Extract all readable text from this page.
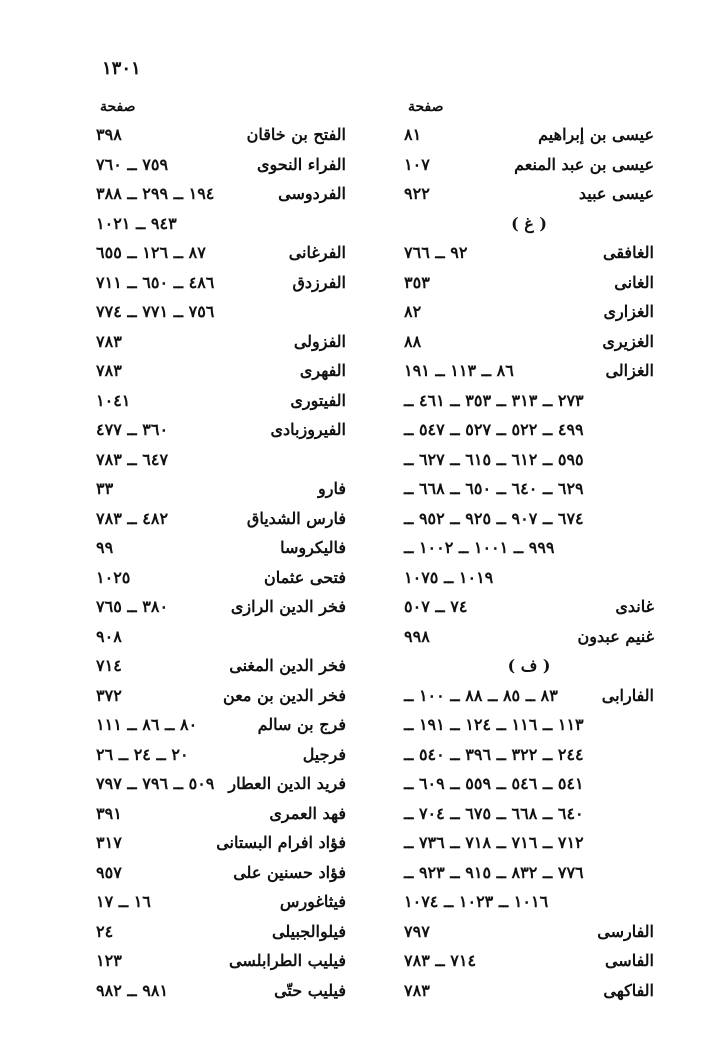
١٣٠١
صفحة
الفتح بن خاقان
٣٩٨
الفراء النحوى
٧٥٩ ــ ٧٦٠
الفردوسى
١٩٤ ــ ٢٩٩ ــ ٣٨٨
٩٤٣ ــ ١٠٢١
الفرغانى
٨٧ ــ ١٢٦ ــ ٦٥٥
الفرزدق
٤٨٦ ــ ٦٥٠ ــ ٧١١
٧٥٦ ــ ٧٧١ ــ ٧٧٤
الفزولى
٧٨٣
الفهرى
٧٨٣
الفيتورى
١٠٤١
الفيروزبادى
٣٦٠ ــ ٤٧٧
٦٤٧ ــ ٧٨٣
فارو
٣٣
فارس الشدياق
٤٨٢ ــ ٧٨٣
فاليكروسا
٩٩
فتحى عثمان
١٠٢٥
فخر الدين الرازى
٣٨٠ ــ ٧٦٥
٩٠٨
فخر الدين المغنى
٧١٤
فخر الدين بن معن
٣٧٢
فرج بن سالم
٨٠ ــ ٨٦ ــ ١١١
فرجيل
٢٠ ــ ٢٤ ــ ٢٦
فريد الدين العطار
٥٠٩ ــ ٧٩٦ ــ ٧٩٧
فهد العمرى
٣٩١
فؤاد افرام البستانى
٣١٧
فؤاد حسنين على
٩٥٧
فيثاغورس
١٦ ــ ١٧
فيلوالجبيلى
٢٤
فيليب الطرابلسى
١٢٣
فيليب حتّى
٩٨١ ــ ٩٨٢
صفحة
عيسى بن إبراهيم
٨١
عيسى بن عبد المنعم
١٠٧
عيسى عبيد
٩٢٢
( غ )
الغافقى
٩٢ ــ ٧٦٦
الغانى
٣٥٣
الغزارى
٨٢
الغزيرى
٨٨
الغزالى
٨٦ ــ ١١٣ ــ ١٩١
٢٧٣ ــ ٣١٣ ــ ٣٥٣ ــ ٤٦١ ــ
٤٩٩ ــ ٥٢٢ ــ ٥٢٧ ــ ٥٤٧ ــ
٥٩٥ ــ ٦١٢ ــ ٦١٥ ــ ٦٢٧ ــ
٦٢٩ ــ ٦٤٠ ــ ٦٥٠ ــ ٦٦٨ ــ
٦٧٤ ــ ٩٠٧ ــ ٩٢٥ ــ ٩٥٢ ــ
٩٩٩ ــ ١٠٠١ ــ ١٠٠٢ ــ
١٠١٩ ــ ١٠٧٥
غاندى
٧٤ ــ ٥٠٧
غنيم عبدون
٩٩٨
( ف )
الفارابى
٨٣ ــ ٨٥ ــ ٨٨ ــ ١٠٠ ــ
١١٣ ــ ١١٦ ــ ١٢٤ ــ ١٩١ ــ
٢٤٤ ــ ٣٢٢ ــ ٣٩٦ ــ ٥٤٠ ــ
٥٤١ ــ ٥٤٦ ــ ٥٥٩ ــ ٦٠٩ ــ
٦٤٠ ــ ٦٦٨ ــ ٦٧٥ ــ ٧٠٤ ــ
٧١٢ ــ ٧١٦ ــ ٧١٨ ــ ٧٣٦ ــ
٧٧٦ ــ ٨٣٢ ــ ٩١٥ ــ ٩٢٣ ــ
١٠١٦ ــ ١٠٢٣ ــ ١٠٧٤
الفارسى
٧٩٧
الفاسى
٧١٤ ــ ٧٨٣
الفاكهى
٧٨٣
